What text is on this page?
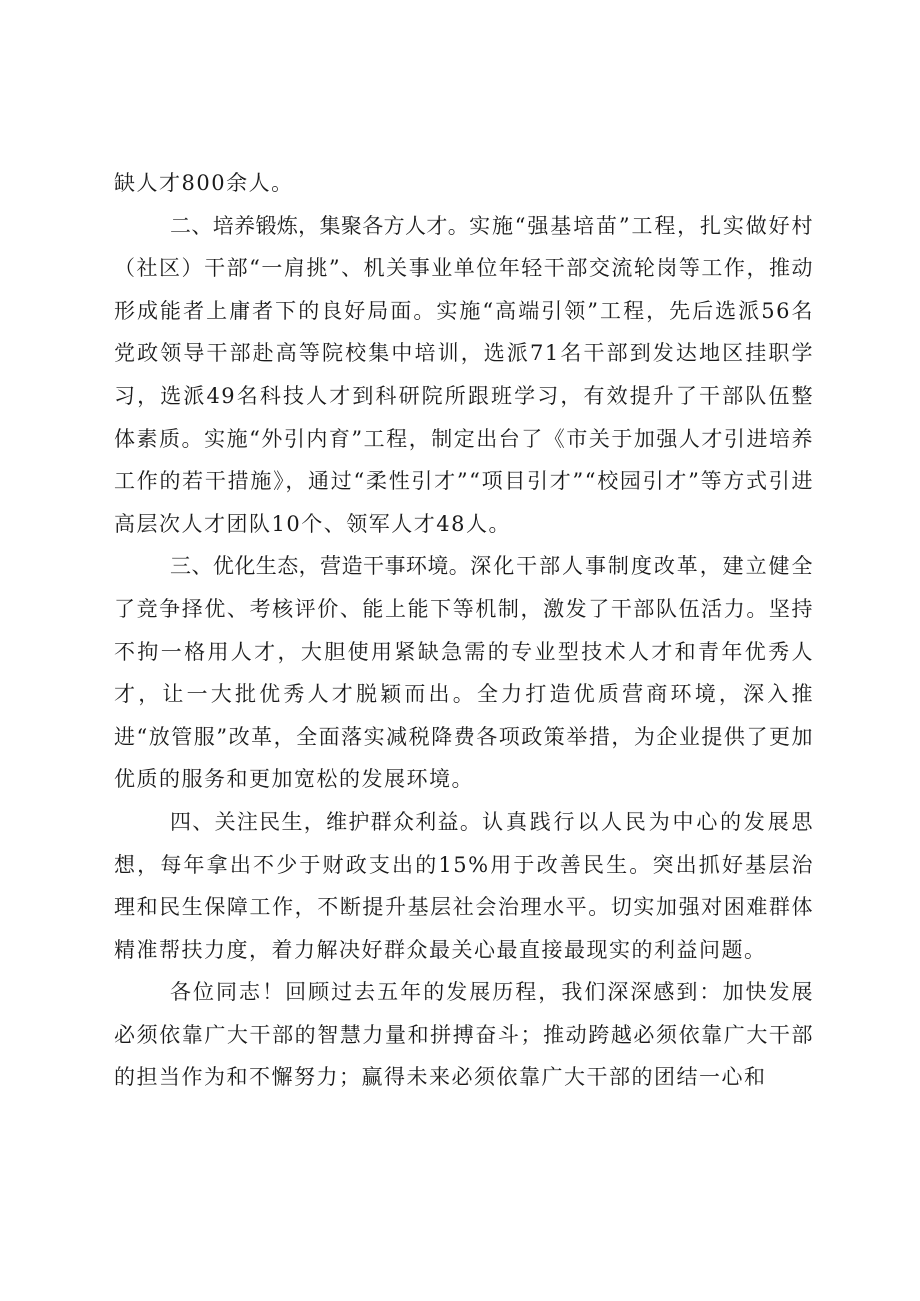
缺人才800余人。

二、培养锻炼，集聚各方人才。实施“强基培苗”工程，扎实做好村（社区）干部“一肩挑”、机关事业单位年轻干部交流轮岗等工作，推动形成能者上庸者下的良好局面。实施“高端引领”工程，先后选派56名党政领导干部赴高等院校集中培训，选派71名干部到发达地区挂职学习，选派49名科技人才到科研院所跟班学习，有效提升了干部队伍整体素质。实施“外引内育”工程，制定出台了《市关于加强人才引进培养工作的若干措施》，通过“柔性引才”“项目引才”“校园引才”等方式引进高层次人才团队10个、领军人才48人。

三、优化生态，营造干事环境。深化干部人事制度改革，建立健全了竞争择优、考核评价、能上能下等机制，激发了干部队伍活力。坚持不拘一格用人才，大胆使用紧缺急需的专业型技术人才和青年优秀人才，让一大批优秀人才脱颖而出。全力打造优质营商环境，深入推进“放管服”改革，全面落实减税降费各项政策举措，为企业提供了更加优质的服务和更加宽松的发展环境。

四、关注民生，维护群众利益。认真践行以人民为中心的发展思想，每年拿出不少于财政支出的15%用于改善民生。突出抓好基层治理和民生保障工作，不断提升基层社会治理水平。切实加强对困难群体精准帮扶力度，着力解决好群众最关心最直接最现实的利益问题。

各位同志！回顾过去五年的发展历程，我们深深感到：加快发展必须依靠广大干部的智慧力量和拼搏奋斗；推动跨越必须依靠广大干部的担当作为和不懈努力；赢得未来必须依靠广大干部的团结一心和
